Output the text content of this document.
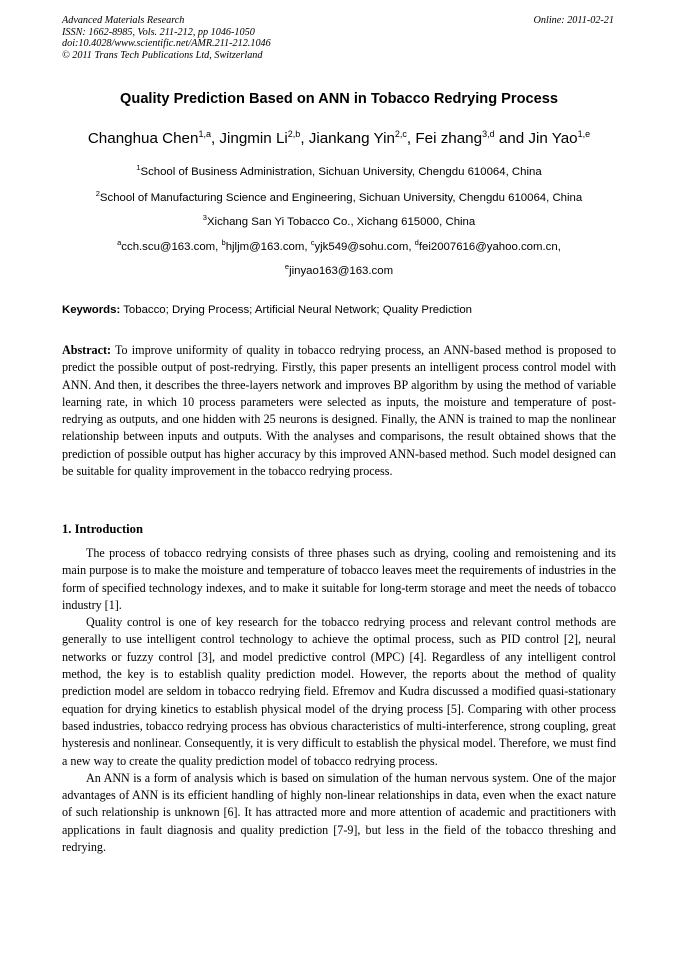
Advanced Materials Research
ISSN: 1662-8985, Vols. 211-212, pp 1046-1050
doi:10.4028/www.scientific.net/AMR.211-212.1046
© 2011 Trans Tech Publications Ltd, Switzerland
Online: 2011-02-21
Quality Prediction Based on ANN in Tobacco Redrying Process
Changhua Chen$^{1,a}$, Jingmin Li$^{2,b}$, Jiankang Yin$^{2,c}$, Fei zhang$^{3,d}$ and Jin Yao$^{1,e}$
$^1$School of Business Administration, Sichuan University, Chengdu 610064, China
$^2$School of Manufacturing Science and Engineering, Sichuan University, Chengdu 610064, China
$^3$Xichang San Yi Tobacco Co., Xichang 615000, China
$^a$cch.scu@163.com, $^b$hjljm@163.com, $^c$yjk549@sohu.com, $^d$fei2007616@yahoo.com.cn,
$^e$jinyao163@163.com
Keywords: Tobacco; Drying Process; Artificial Neural Network; Quality Prediction
Abstract: To improve uniformity of quality in tobacco redrying process, an ANN-based method is proposed to predict the possible output of post-redrying. Firstly, this paper presents an intelligent process control model with ANN. And then, it describes the three-layers network and improves BP algorithm by using the method of variable learning rate, in which 10 process parameters were selected as inputs, the moisture and temperature of post-redrying as outputs, and one hidden with 25 neurons is designed. Finally, the ANN is trained to map the nonlinear relationship between inputs and outputs. With the analyses and comparisons, the result obtained shows that the prediction of possible output has higher accuracy by this improved ANN-based method. Such model designed can be suitable for quality improvement in the tobacco redrying process.
1. Introduction

The process of tobacco redrying consists of three phases such as drying, cooling and remoistening and its main purpose is to make the moisture and temperature of tobacco leaves meet the requirements of industries in the form of specified technology indexes, and to make it suitable for long-term storage and meet the needs of tobacco industry [1].

Quality control is one of key research for the tobacco redrying process and relevant control methods are generally to use intelligent control technology to achieve the optimal process, such as PID control [2], neural networks or fuzzy control [3], and model predictive control (MPC) [4]. Regardless of any intelligent control method, the key is to establish quality prediction model. However, the reports about the method of quality prediction model are seldom in tobacco redrying field. Efremov and Kudra discussed a modified quasi-stationary equation for drying kinetics to establish physical model of the drying process [5]. Comparing with other process based industries, tobacco redrying process has obvious characteristics of multi-interference, strong coupling, great hysteresis and nonlinear. Consequently, it is very difficult to establish the physical model. Therefore, we must find a new way to create the quality prediction model of tobacco redrying process.

An ANN is a form of analysis which is based on simulation of the human nervous system. One of the major advantages of ANN is its efficient handling of highly non-linear relationships in data, even when the exact nature of such relationship is unknown [6]. It has attracted more and more attention of academic and practitioners with applications in fault diagnosis and quality prediction [7-9], but less in the field of the tobacco threshing and redrying.
